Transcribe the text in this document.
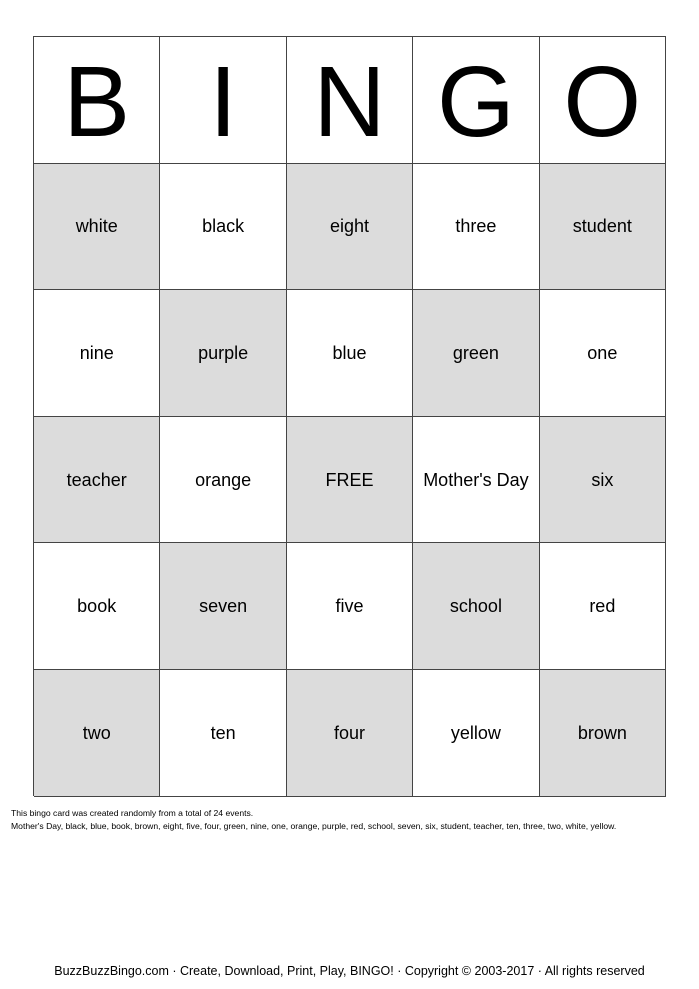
B I N G O
white	black	eight	three	student
nine	purple	blue	green	one
teacher	orange	FREE	Mother's Day	six
book	seven	five	school	red
two	ten	four	yellow	brown
This bingo card was created randomly from a total of 24 events.
Mother's Day, black, blue, book, brown, eight, five, four, green, nine, one, orange, purple, red, school, seven, six, student, teacher, ten, three, two, white, yellow.
BuzzBuzzBingo.com · Create, Download, Print, Play, BINGO! · Copyright © 2003-2017 · All rights reserved
